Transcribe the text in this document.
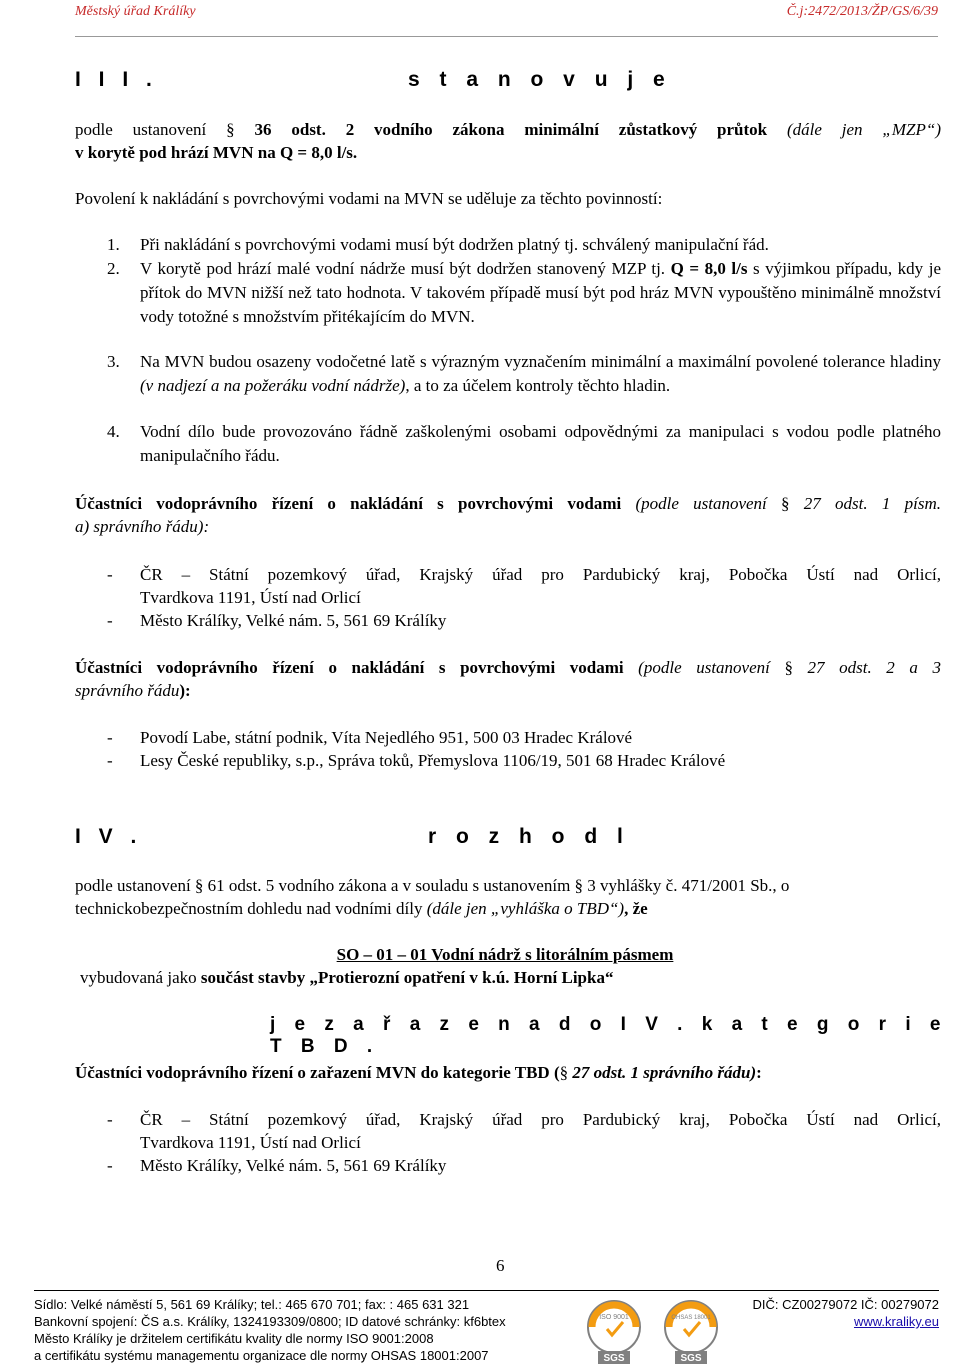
Městský úřad Králíky	Č.j:2472/2013/ŽP/GS/6/39
I I I .	s t a n o v u j e
podle ustanovení § 36 odst. 2 vodního zákona minimální zůstatkový průtok (dále jen „MZP“)
v korytě pod hrází MVN na Q = 8,0 l/s.
Povolení k nakládání s povrchovými vodami na MVN se uděluje za těchto povinností:
1. Při nakládání s povrchovými vodami musí být dodržen platný tj. schválený manipulační řád.
2. V korytě pod hrází malé vodní nádrže musí být dodržen stanovený MZP tj. Q = 8,0 l/s s výjimkou případu, kdy je přítok do MVN nižší než tato hodnota. V takovém případě musí být pod hráz MVN vypouštěno minimálně množství vody totožné s množstvím přitékajícím do MVN.
3. Na MVN budou osazeny vodočetné latě s výrazným vyznačením minimální a maximální povolené tolerance hladiny (v nadjezí a na požeráku vodní nádrže), a to za účelem kontroly těchto hladin.
4. Vodní dílo bude provozováno řádně zaškolenými osobami odpovědnými za manipulaci s vodou podle platného manipulačního řádu.
Účastníci vodoprávního řízení o nakládání s povrchovými vodami (podle ustanovení § 27 odst. 1 písm.
a) správního řádu):
- ČR – Státní pozemkový úřad, Krajský úřad pro Pardubický kraj, Pobočka Ústí nad Orlicí,
Tvardkova 1191, Ústí nad Orlicí
- Město Králíky, Velké nám. 5, 561 69 Králíky
Účastníci vodoprávního řízení o nakládání s povrchovými vodami (podle ustanovení § 27 odst. 2 a 3
správního řádu):
- Povodí Labe, státní podnik, Víta Nejedlého 951, 500 03 Hradec Králové
- Lesy České republiky, s.p., Správa toků, Přemyslova 1106/19, 501 68 Hradec Králové
I V .	r o z h o d l
podle ustanovení § 61 odst. 5 vodního zákona a v souladu s ustanovením § 3 vyhlášky č. 471/2001 Sb., o
technickobezpečnostním dohledu nad vodními díly (dále jen „vyhláška o TBD“), že
SO – 01 – 01 Vodní nádrž s litorálním pásmem
vybudovaná jako součást stavby „Protierozní opatření v k.ú. Horní Lipka“
j e z a ř a z e n a d o I V . k a t e g o r i e T B D .
Účastníci vodoprávního řízení o zařazení MVN do kategorie TBD (§ 27 odst. 1 správního řádu):
- ČR – Státní pozemkový úřad, Krajský úřad pro Pardubický kraj, Pobočka Ústí nad Orlicí,
Tvardkova 1191, Ústí nad Orlicí
- Město Králíky, Velké nám. 5, 561 69 Králíky
6
Sídlo: Velké náměstí 5, 561 69 Králíky; tel.: 465 670 701; fax: : 465 631 321	DIČ: CZ00279072 IČ: 00279072
Bankovní spojení: ČS a.s. Králíky, 1324193309/0800; ID datové schránky: kf6btex	www.kraliky.eu
Město Králíky je držitelem certifikátu kvality dle normy ISO 9001:2008
a certifikátu systému managementu organizace dle normy OHSAS 18001:2007
ISO 9001
SGS
OHSAS 18001
SGS
